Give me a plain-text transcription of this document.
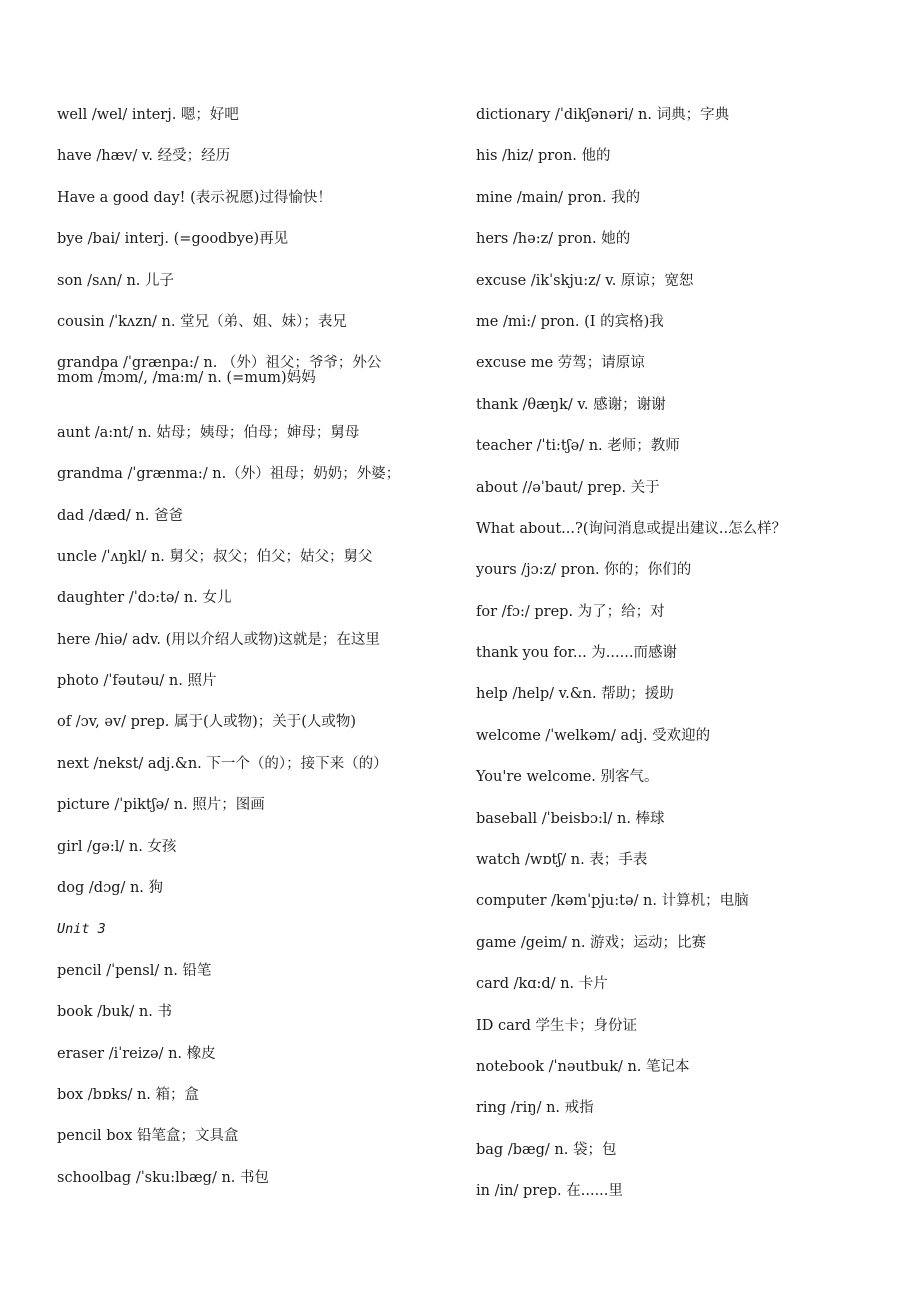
well /wel/ interj. 嗯；好吧
have /hæv/ v. 经受；经历
Have a good day! (表示祝愿)过得愉快！
bye /bai/ interj. (=goodbye)再见
son /sʌn/ n. 儿子
cousin /ˈkʌzn/ n. 堂兄（弟、姐、妹）；表兄
grandpa /ˈgrænpa:/ n. （外）祖父；爷爷；外公
mom /mɔm/, /ma:m/ n. (=mum)妈妈
aunt /a:nt/ n. 姑母；姨母；伯母；婶母；舅母
grandma /ˈgrænma:/ n.（外）祖母；奶奶；外婆；
dad /dæd/ n. 爸爸
uncle /ˈʌŋkl/ n. 舅父；叔父；伯父；姑父；舅父
daughter /ˈdɔ:tə/ n. 女儿
here /hiə/ adv. (用以介绍人或物)这就是；在这里
photo /ˈfəutəu/ n. 照片
of /ɔv, əv/ prep. 属于(人或物)；关于(人或物)
next /nekst/ adj.&n. 下一个（的）；接下来（的）
picture /ˈpiktʃə/ n. 照片；图画
girl /gə:l/ n. 女孩
dog /dɔg/ n. 狗
Unit 3
pencil /ˈpensl/ n. 铅笔
book /buk/ n. 书
eraser /iˈreizə/ n. 橡皮
box /bɒks/ n. 箱；盒
pencil box 铅笔盒；文具盒
schoolbag /ˈsku:lbæg/ n. 书包
dictionary /ˈdikʃənəri/ n. 词典；字典
his /hiz/ pron. 他的
mine /main/ pron. 我的
hers /hə:z/ pron. 她的
excuse /ikˈskju:z/ v. 原谅；宽恕
me /mi:/ pron. (I 的宾格)我
excuse me 劳驾；请原谅
thank /θæŋk/ v. 感谢；谢谢
teacher /ˈti:tʃə/ n. 老师；教师
about //əˈbaut/ prep. 关于
What about...?(询问消息或提出建议..怎么样？
yours /jɔ:z/ pron. 你的；你们的
for /fɔ:/ prep. 为了；给；对
thank you for... 为......而感谢
help /help/ v.&n. 帮助；援助
welcome /ˈwelkəm/ adj. 受欢迎的
You're welcome. 别客气。
baseball /ˈbeisbɔ:l/ n. 棒球
watch /wɒtʃ/ n. 表；手表
computer /kəmˈpju:tə/ n. 计算机；电脑
game /geim/ n. 游戏；运动；比赛
card /kɑ:d/ n. 卡片
ID card 学生卡；身份证
notebook /ˈnəutbuk/ n. 笔记本
ring /riŋ/ n. 戒指
bag /bæg/ n. 袋；包
in /in/ prep. 在......里
